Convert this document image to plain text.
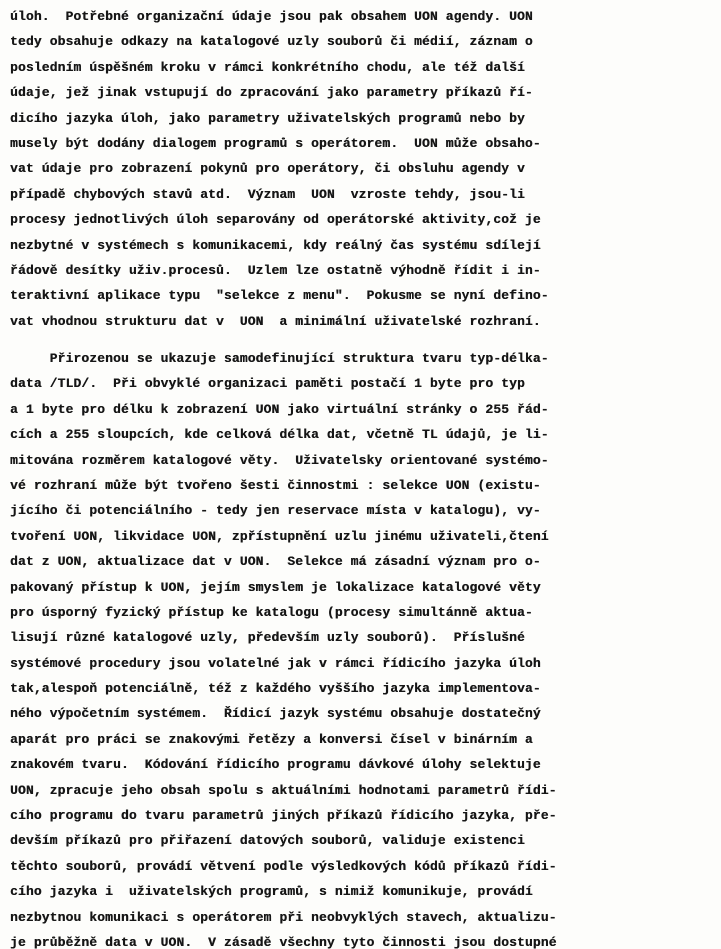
úloh.  Potřebné organizační údaje jsou pak obsahem UON agendy. UON
tedy obsahuje odkazy na katalogové uzly souborů či médií, záznam o
posledním úspěšném kroku v rámci konkrétního chodu, ale též další
údaje, jež jinak vstupují do zpracování jako parametry příkazů ří-
dicího jazyka úloh, jako parametry uživatelských programů nebo by
musely být dodány dialogem programů s operátorem.  UON může obsaho-
vat údaje pro zobrazení pokynů pro operátory, či obsluhu agendy v
případě chybových stavů atd.  Význam  UON  vzroste tehdy, jsou-li
procesy jednotlivých úloh separovány od operátorské aktivity,což je
nezbytné v systémech s komunikacemi, kdy reálný čas systému sdílejí
řádově desítky uživ.procesů.  Uzlem lze ostatně výhodně řídit i in-
teraktivní aplikace typu  "selekce z menu".  Pokusme se nyní defino-
vat vhodnou strukturu dat v  UON  a minimální uživatelské rozhraní.
Přirozenou se ukazuje samodefinující struktura tvaru typ-délka-
data /TLD/.  Při obvyklé organizaci paměti postačí 1 byte pro typ
a 1 byte pro délku k zobrazení UON jako virtuální stránky o 255 řád-
cích a 255 sloupcích, kde celková délka dat, včetně TL údajů, je li-
mitována rozměrem katalogové věty.  Uživatelsky orientované systémo-
vé rozhraní může být tvořeno šesti činnostmi : selekce UON (existu-
jícího či potenciálního - tedy jen reservace místa v katalogu), vy-
tvoření UON, likvidace UON, zpřístupnění uzlu jinému uživateli,čtení
dat z UON, aktualizace dat v UON.  Selekce má zásadní význam pro o-
pakovaný přístup k UON, jejím smyslem je lokalizace katalogové věty
pro úsporný fyzický přístup ke katalogu (procesy simultánně aktua-
lisují různé katalogové uzly, především uzly souborů).  Příslušné
systémové procedury jsou volatelné jak v rámci řídicího jazyka úloh
tak,alespoň potenciálně, též z každého vyššího jazyka implementova-
ného výpočetním systémem.  Řídicí jazyk systému obsahuje dostatečný
aparát pro práci se znakovými řetězy a konversi čísel v binárním a
znakovém tvaru.  Kódování řídicího programu dávkové úlohy selektuje
UON, zpracuje jeho obsah spolu s aktuálními hodnotami parametrů řídi-
cího programu do tvaru parametrů jiných příkazů řídicího jazyka, pře-
devším příkazů pro přiřazení datových souborů, validuje existenci
těchto souborů, provádí větvení podle výsledkových kódů příkazů řídi-
cího jazyka i  uživatelských programů, s nimiž komunikuje, provádí
nezbytnou komunikaci s operátorem při neobvyklých stavech, aktualizu-
je průběžně data v UON.  V zásadě všechny tyto činnosti jsou dostupné
